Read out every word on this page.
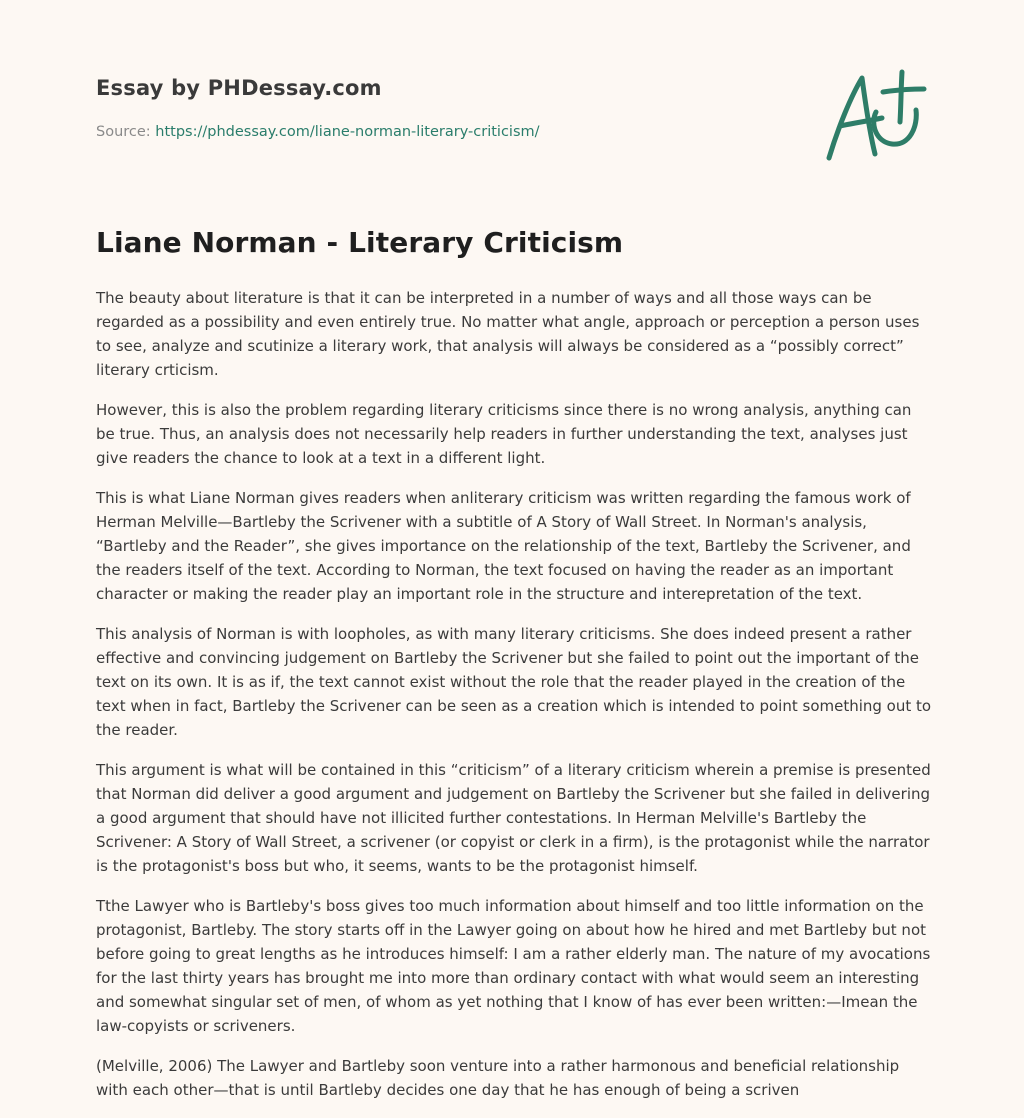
Essay by PHDessay.com
Source: https://phdessay.com/liane-norman-literary-criticism/
Liane Norman - Literary Criticism

The beauty about literature is that it can be interpreted in a number of ways and all those ways can be regarded as a possibility and even entirely true. No matter what angle, approach or perception a person uses to see, analyze and scutinize a literary work, that analysis will always be considered as a “possibly correct” literary crticism.

However, this is also the problem regarding literary criticisms since there is no wrong analysis, anything can be true. Thus, an analysis does not necessarily help readers in further understanding the text, analyses just give readers the chance to look at a text in a different light.

This is what Liane Norman gives readers when anliterary criticism was written regarding the famous work of Herman Melville—Bartleby the Scrivener with a subtitle of A Story of Wall Street. In Norman's analysis, “Bartleby and the Reader”, she gives importance on the relationship of the text, Bartleby the Scrivener, and the readers itself of the text. According to Norman, the text focused on having the reader as an important character or making the reader play an important role in the structure and interepretation of the text.

This analysis of Norman is with loopholes, as with many literary criticisms. She does indeed present a rather effective and convincing judgement on Bartleby the Scrivener but she failed to point out the important of the text on its own. It is as if, the text cannot exist without the role that the reader played in the creation of the text when in fact, Bartleby the Scrivener can be seen as a creation which is intended to point something out to the reader.

This argument is what will be contained in this “criticism” of a literary criticism wherein a premise is presented that Norman did deliver a good argument and judgement on Bartleby the Scrivener but she failed in delivering a good argument that should have not illicited further contestations. In Herman Melville's Bartleby the Scrivener: A Story of Wall Street, a scrivener (or copyist or clerk in a firm), is the protagonist while the narrator is the protagonist's boss but who, it seems, wants to be the protagonist himself.

Tthe Lawyer who is Bartleby's boss gives too much information about himself and too little information on the protagonist, Bartleby. The story starts off in the Lawyer going on about how he hired and met Bartleby but not before going to great lengths as he introduces himself: I am a rather elderly man. The nature of my avocations for the last thirty years has brought me into more than ordinary contact with what would seem an interesting and somewhat singular set of men, of whom as yet nothing that I know of has ever been written:—Imean the law-copyists or scriveners.

(Melville, 2006) The Lawyer and Bartleby soon venture into a rather harmonous and beneficial relationship with each other—that is until Bartleby decides one day that he has enough of being a scriven
